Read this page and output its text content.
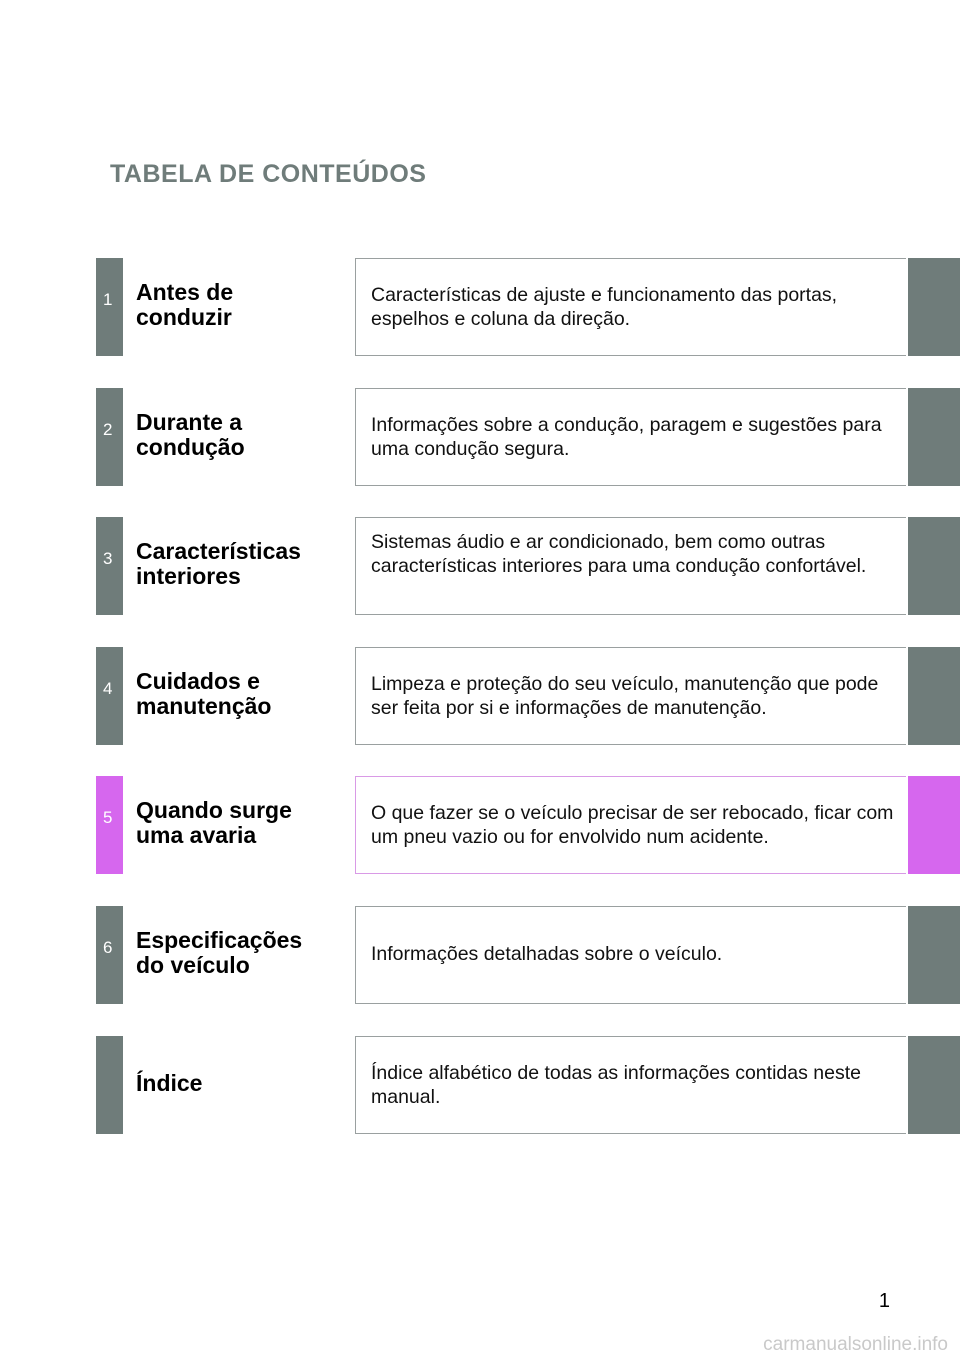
TABELA DE CONTEÚDOS
1 Antes de
conduzir
Características de ajuste e funcionamento das portas, espelhos e coluna da direção.
2 Durante a
condução
Informações sobre a condução, paragem e sugestões para uma condução segura.
3 Características
interiores
Sistemas áudio e ar condicionado, bem como outras características interiores para uma condução confortável.
4 Cuidados e
manutenção
Limpeza e proteção do seu veículo, manutenção que pode ser feita por si e informações de manutenção.
5 Quando surge
uma avaria
O que fazer se o veículo precisar de ser rebocado, ficar com um pneu vazio ou for envolvido num acidente.
6 Especificações
do veículo	Informações detalhadas sobre o veículo.
Índice	Índice alfabético de todas as informações contidas neste manual.
1
carmanualsonline.info
